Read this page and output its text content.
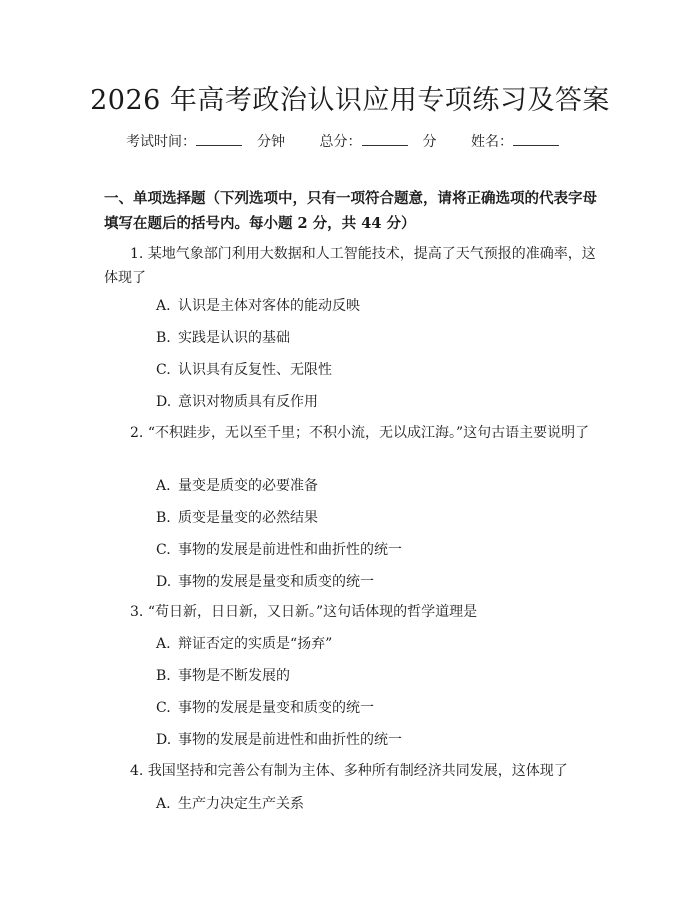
2026 年高考政治认识应用专项练习及答案
考试时间：	分钟 总分：	分 姓名：
一、单项选择题（下列选项中，只有一项符合题意，请将正确选项的代表字母填写在题后的括号内。每小题 2 分，共 44 分）
1. 某地气象部门利用大数据和人工智能技术，提高了天气预报的准确率，这体现了
A. 认识是主体对客体的能动反映
B. 实践是认识的基础
C. 认识具有反复性、无限性
D. 意识对物质具有反作用
2. “不积跬步，无以至千里；不积小流，无以成江海。”这句古语主要说明了
A. 量变是质变的必要准备
B. 质变是量变的必然结果
C. 事物的发展是前进性和曲折性的统一
D. 事物的发展是量变和质变的统一
3. “苟日新，日日新，又日新。”这句话体现的哲学道理是
A. 辩证否定的实质是“扬弃”
B. 事物是不断发展的
C. 事物的发展是量变和质变的统一
D. 事物的发展是前进性和曲折性的统一
4. 我国坚持和完善公有制为主体、多种所有制经济共同发展，这体现了
A. 生产力决定生产关系
